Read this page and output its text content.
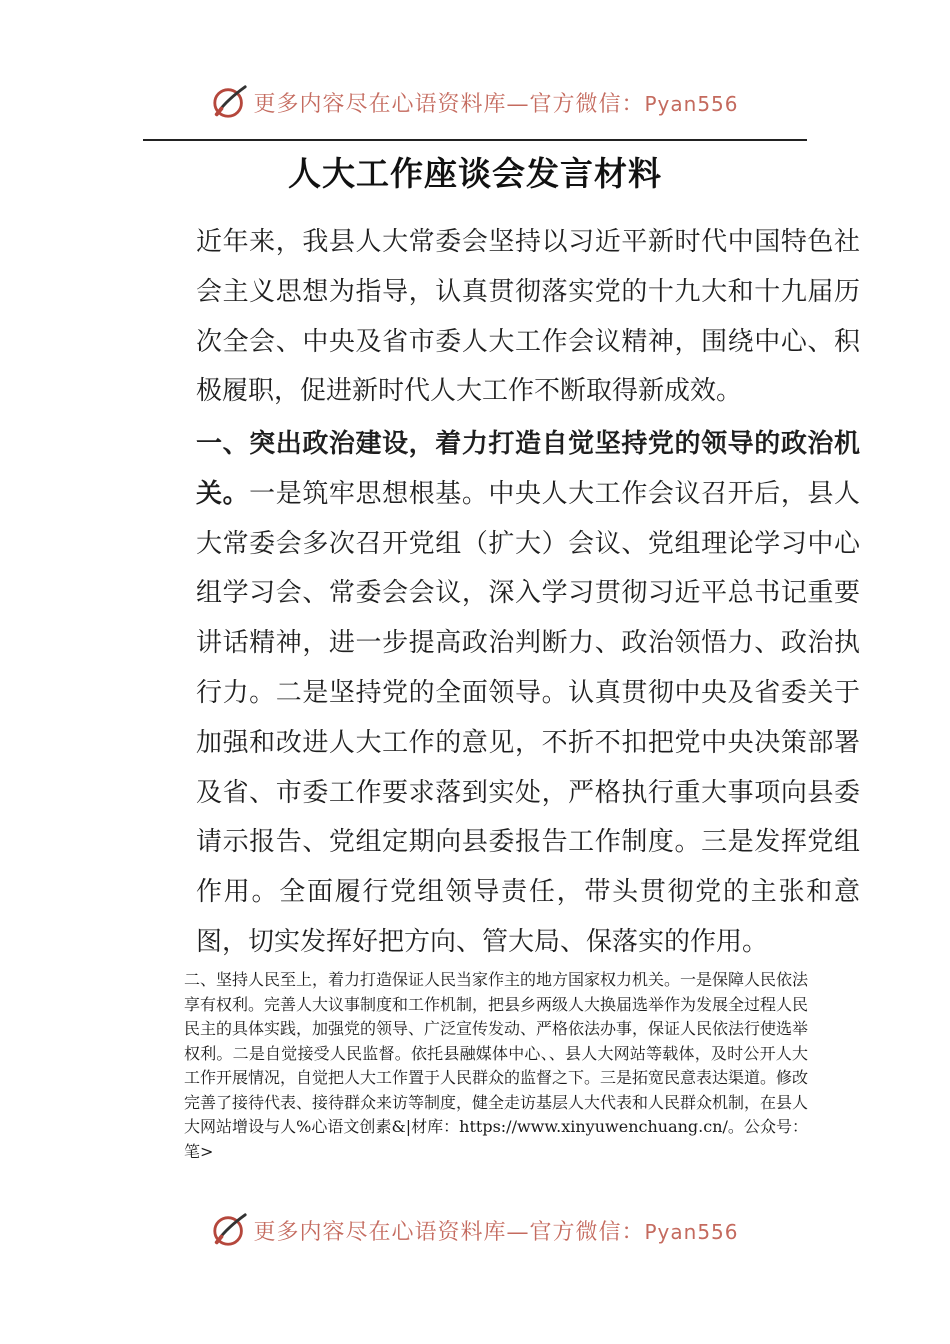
更多内容尽在心语资料库—官方微信：Pyan556
人大工作座谈会发言材料
近年来，我县人大常委会坚持以习近平新时代中国特色社会主义思想为指导，认真贯彻落实党的十九大和十九届历次全会、中央及省市委人大工作会议精神，围绕中心、积极履职，促进新时代人大工作不断取得新成效。
一、突出政治建设，着力打造自觉坚持党的领导的政治机关。一是筑牢思想根基。中央人大工作会议召开后，县人大常委会多次召开党组（扩大）会议、党组理论学习中心组学习会、常委会会议，深入学习贯彻习近平总书记重要讲话精神，进一步提高政治判断力、政治领悟力、政治执行力。二是坚持党的全面领导。认真贯彻中央及省委关于加强和改进人大工作的意见，不折不扣把党中央决策部署及省、市委工作要求落到实处，严格执行重大事项向县委请示报告、党组定期向县委报告工作制度。三是发挥党组作用。全面履行党组领导责任，带头贯彻党的主张和意图，切实发挥好把方向、管大局、保落实的作用。
二、坚持人民至上，着力打造保证人民当家作主的地方国家权力机关。一是保障人民依法享有权利。完善人大议事制度和工作机制，把县乡两级人大换届选举作为发展全过程人民民主的具体实践，加强党的领导、广泛宣传发动、严格依法办事，保证人民依法行使选举权利。二是自觉接受人民监督。依托县融媒体中心、、县人大网站等载体，及时公开人大工作开展情况，自觉把人大工作置于人民群众的监督之下。三是拓宽民意表达渠道。修改完善了接待代表、接待群众来访等制度，健全走访基层人大代表和人民群众机制，在县人大网站增设与人%心语文创素&|材库：https://www.xinyuwenchuang.cn/。公众号：笔>
更多内容尽在心语资料库—官方微信：Pyan556
